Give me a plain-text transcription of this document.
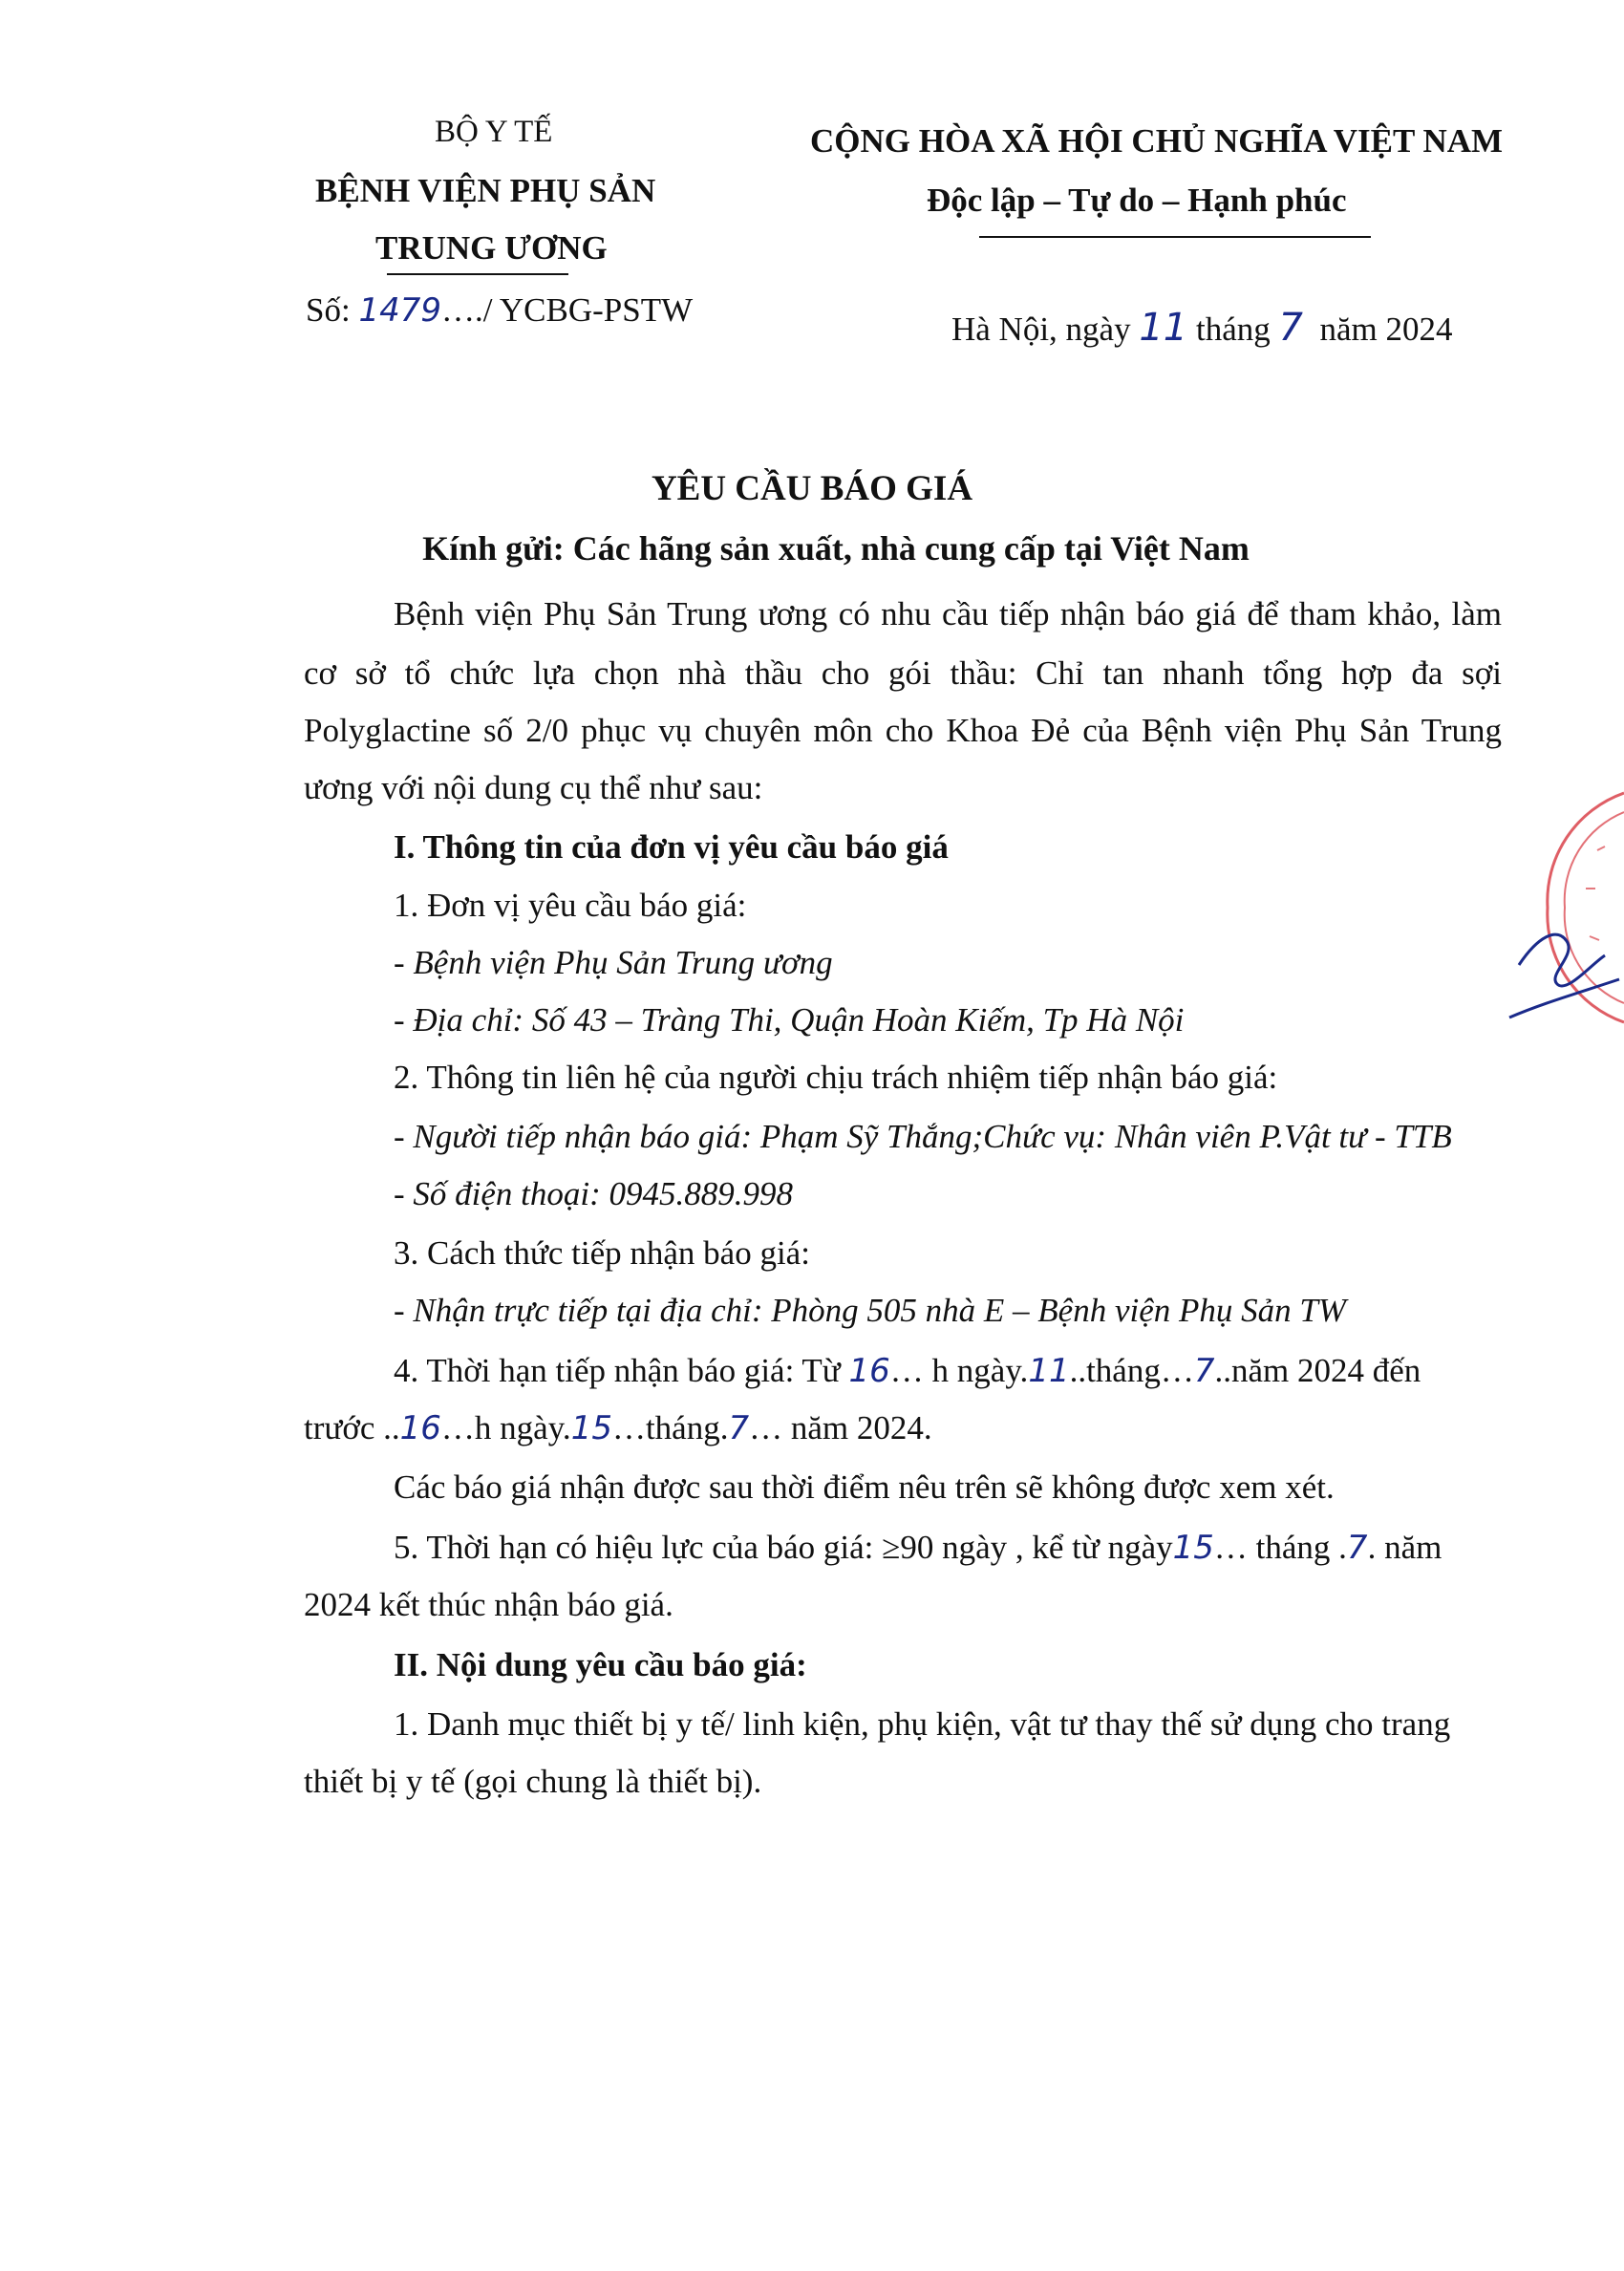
BỘ Y TẾ
BỆNH VIỆN PHỤ SẢN
TRUNG ƯƠNG
Số: 1479…./ YCBG-PSTW
CỘNG HÒA XÃ HỘI CHỦ NGHĨA VIỆT NAM
Độc lập – Tự do – Hạnh phúc
Hà Nội, ngày 11 tháng 7 năm 2024
YÊU CẦU BÁO GIÁ
Kính gửi: Các hãng sản xuất, nhà cung cấp tại Việt Nam
Bệnh viện Phụ Sản Trung ương có nhu cầu tiếp nhận báo giá để tham khảo, làm
cơ sở tổ chức lựa chọn nhà thầu cho gói thầu: Chỉ tan nhanh tổng hợp đa sợi
Polyglactine số 2/0 phục vụ chuyên môn cho Khoa Đẻ của Bệnh viện Phụ Sản Trung
ương với nội dung cụ thể như sau:
I. Thông tin của đơn vị yêu cầu báo giá
1. Đơn vị yêu cầu báo giá:
- Bệnh viện Phụ Sản Trung ương
- Địa chỉ: Số 43 – Tràng Thi, Quận Hoàn Kiếm, Tp Hà Nội
2. Thông tin liên hệ của người chịu trách nhiệm tiếp nhận báo giá:
- Người tiếp nhận báo giá: Phạm Sỹ Thắng;Chức vụ: Nhân viên P.Vật tư - TTB
- Số điện thoại: 0945.889.998
3. Cách thức tiếp nhận báo giá:
- Nhận trực tiếp tại địa chỉ: Phòng 505 nhà E – Bệnh viện Phụ Sản TW
4. Thời hạn tiếp nhận báo giá: Từ 16… h ngày.11..tháng…7..năm 2024 đến
trước ..16…h ngày.15…tháng.7… năm 2024.
Các báo giá nhận được sau thời điểm nêu trên sẽ không được xem xét.
5. Thời hạn có hiệu lực của báo giá: ≥90 ngày , kể từ ngày15… tháng .7. năm
2024 kết thúc nhận báo giá.
II. Nội dung yêu cầu báo giá:
1. Danh mục thiết bị y tế/ linh kiện, phụ kiện, vật tư thay thế sử dụng cho trang
thiết bị y tế (gọi chung là thiết bị).
